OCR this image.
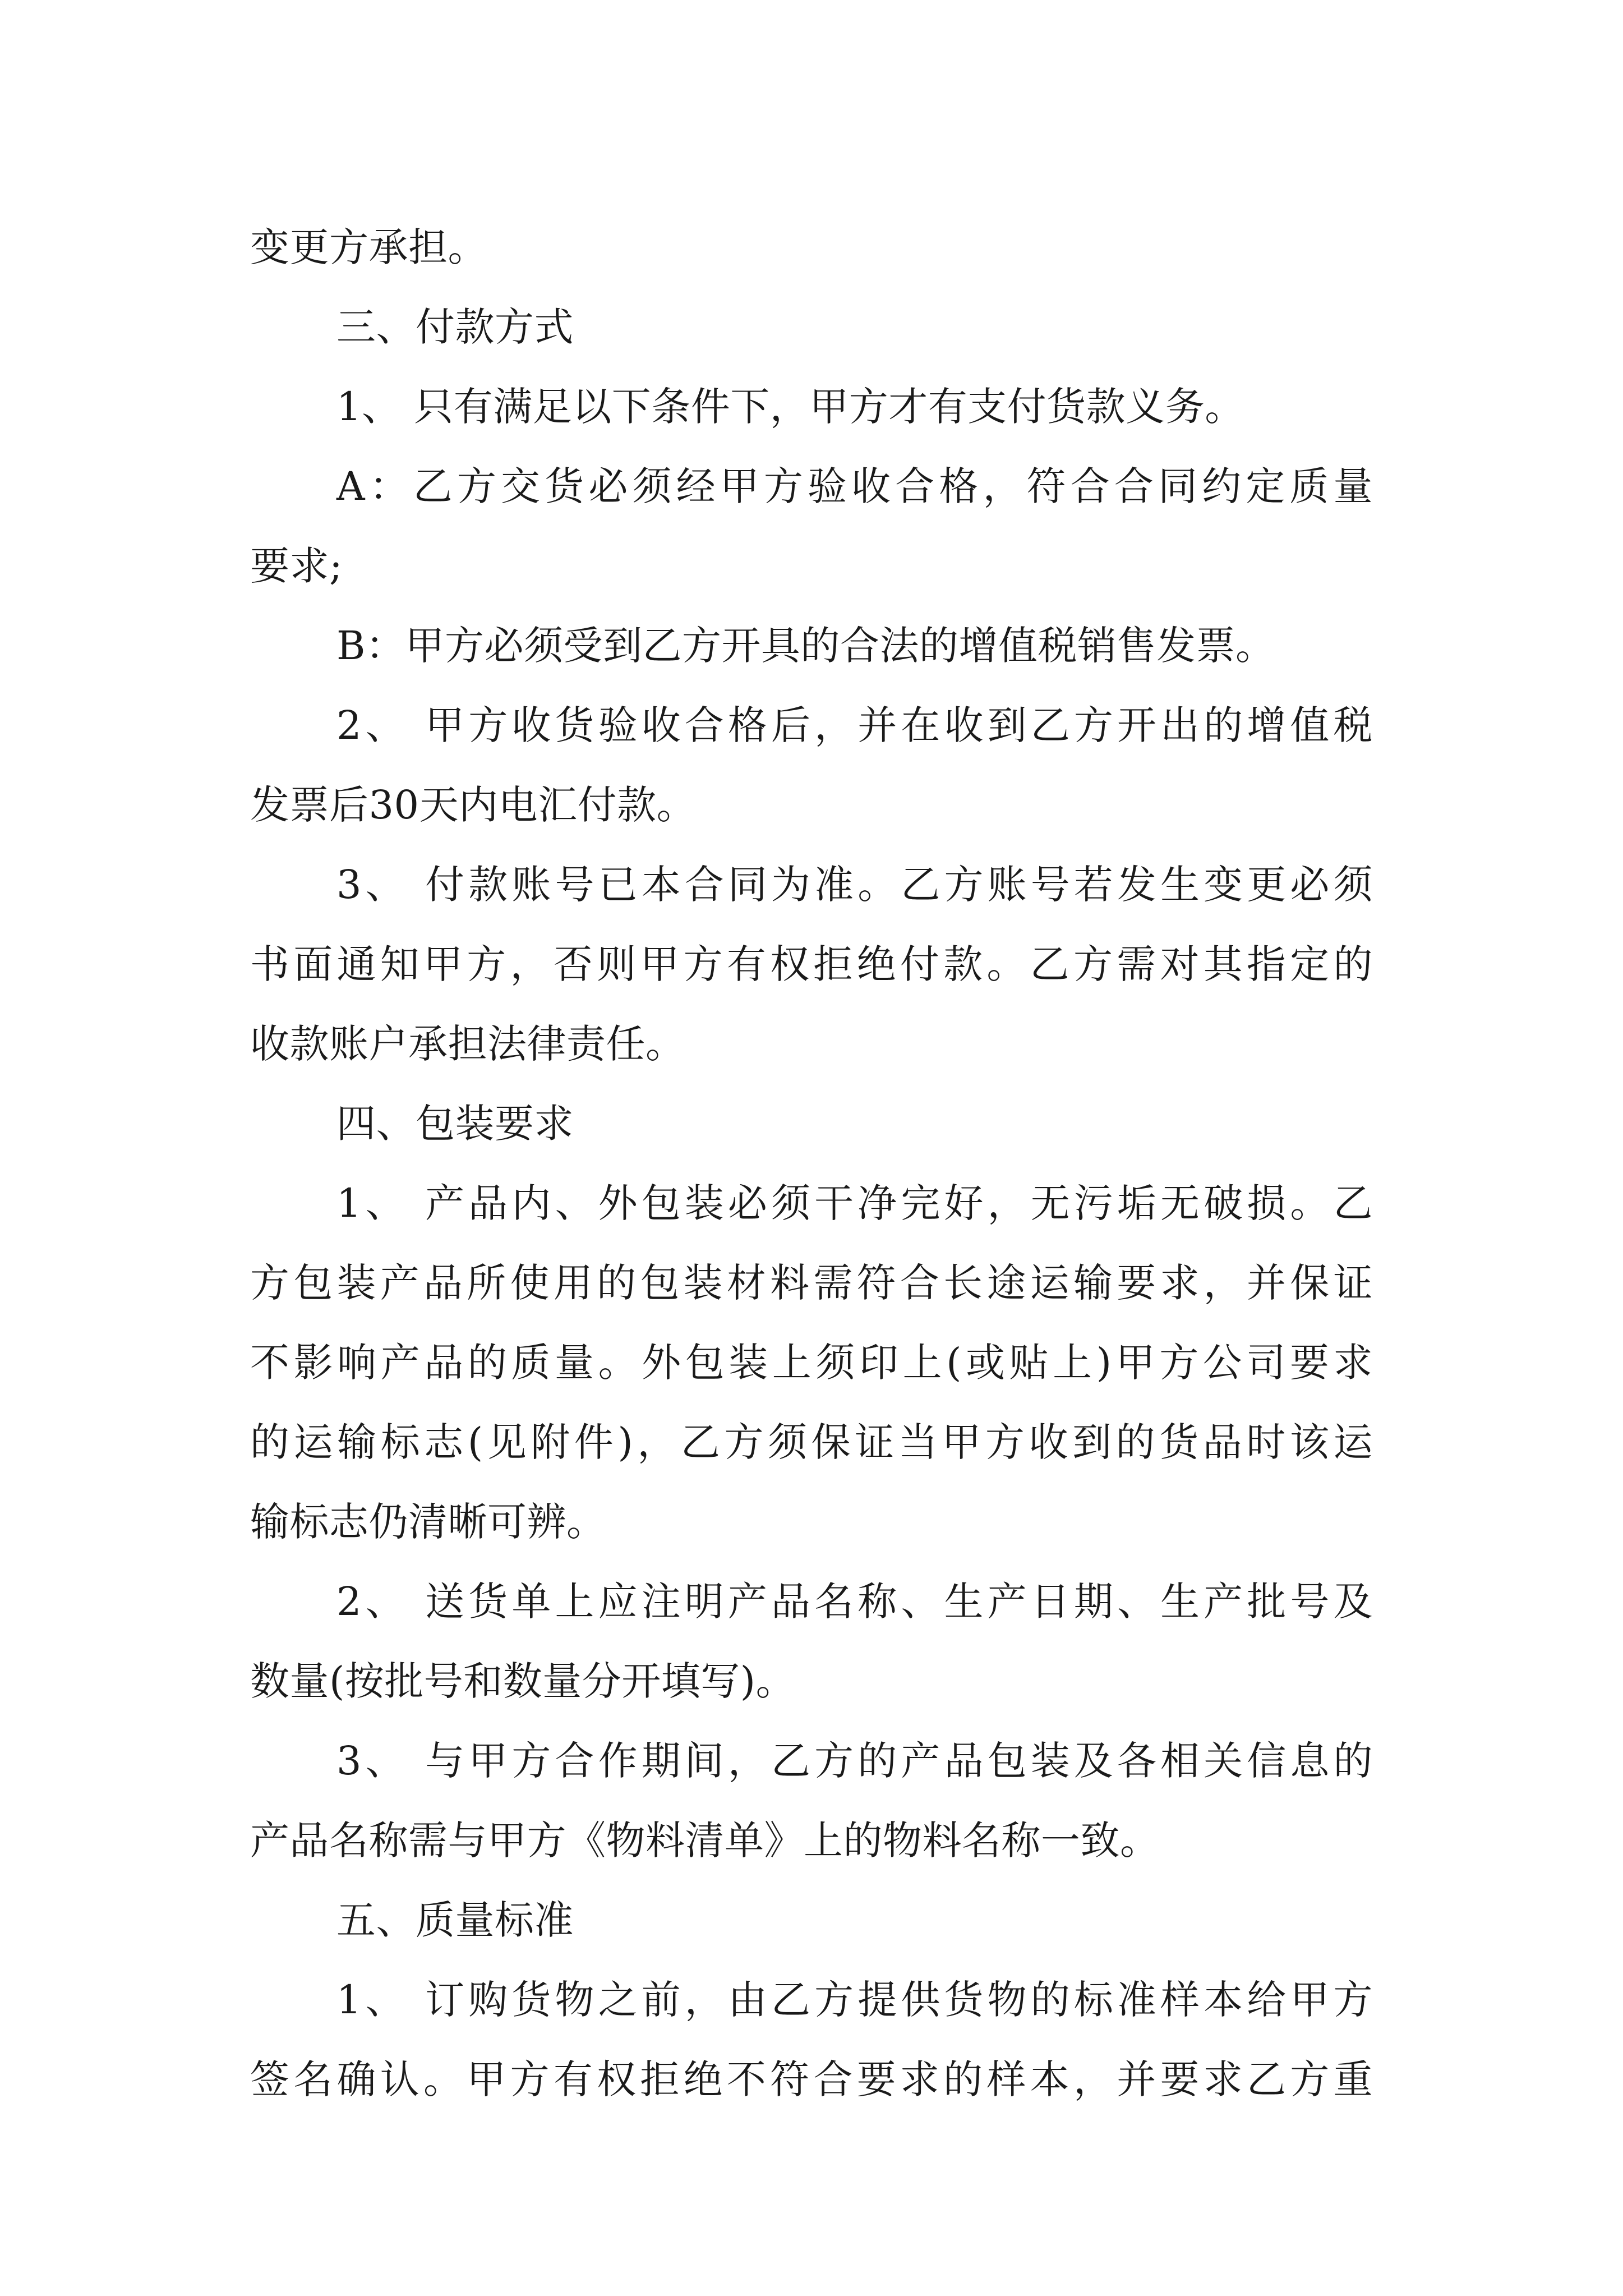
变更方承担。
三、付款方式
1、 只有满足以下条件下，甲方才有支付货款义务。
A：乙方交货必须经甲方验收合格，符合合同约定质量
要求;
B：甲方必须受到乙方开具的合法的增值税销售发票。
2、 甲方收货验收合格后，并在收到乙方开出的增值税
发票后30天内电汇付款。
3、 付款账号已本合同为准。乙方账号若发生变更必须
书面通知甲方，否则甲方有权拒绝付款。乙方需对其指定的
收款账户承担法律责任。
四、包装要求
1、 产品内、外包装必须干净完好，无污垢无破损。乙
方包装产品所使用的包装材料需符合长途运输要求，并保证
不影响产品的质量。外包装上须印上(或贴上)甲方公司要求
的运输标志(见附件)，乙方须保证当甲方收到的货品时该运
输标志仍清晰可辨。
2、 送货单上应注明产品名称、生产日期、生产批号及
数量(按批号和数量分开填写)。
3、 与甲方合作期间，乙方的产品包装及各相关信息的
产品名称需与甲方《物料清单》上的物料名称一致。
五、质量标准
1、 订购货物之前，由乙方提供货物的标准样本给甲方
签名确认。甲方有权拒绝不符合要求的样本，并要求乙方重
